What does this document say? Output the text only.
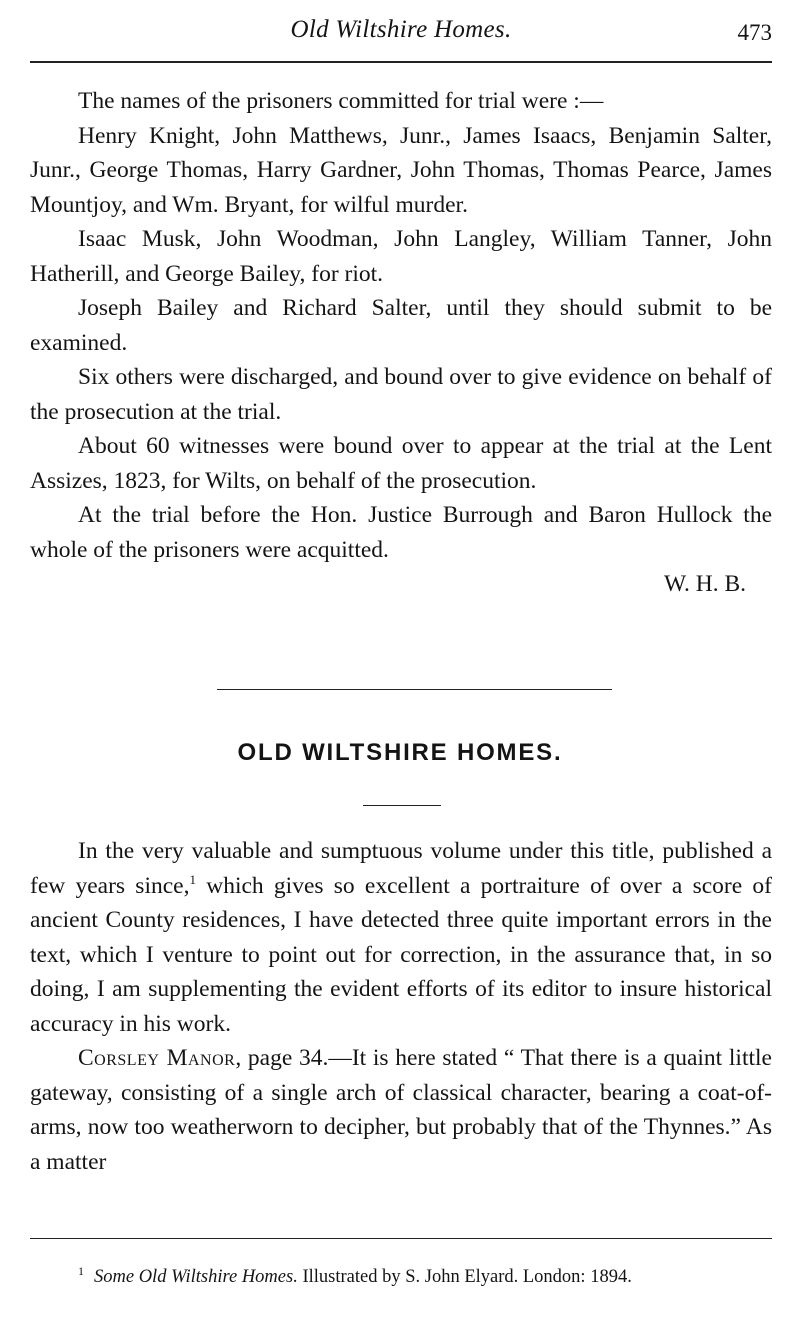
Old Wiltshire Homes.	473

The names of the prisoners committed for trial were :—

Henry Knight, John Matthews, Junr., James Isaacs, Benjamin Salter, Junr., George Thomas, Harry Gardner, John Thomas, Thomas Pearce, James Mountjoy, and Wm. Bryant, for wilful murder.

Isaac Musk, John Woodman, John Langley, William Tanner, John Hatherill, and George Bailey, for riot.

Joseph Bailey and Richard Salter, until they should submit to be examined.

Six others were discharged, and bound over to give evidence on behalf of the prosecution at the trial.

About 60 witnesses were bound over to appear at the trial at the Lent Assizes, 1823, for Wilts, on behalf of the prosecution.

At the trial before the Hon. Justice Burrough and Baron Hullock the whole of the prisoners were acquitted.

W. H. B.

OLD WILTSHIRE HOMES.

In the very valuable and sumptuous volume under this title, published a few years since,$^1$ which gives so excellent a portraiture of over a score of ancient County residences, I have detected three quite important errors in the text, which I venture to point out for correction, in the assurance that, in so doing, I am supplementing the evident efforts of its editor to insure historical accuracy in his work.

Corsley Manor, page 34.—It is here stated “ That there is a quaint little gateway, consisting of a single arch of classical character, bearing a coat-of-arms, now too weatherworn to decipher, but probably that of the Thynnes.” As a matter

$^1$ Some Old Wiltshire Homes. Illustrated by S. John Elyard. London: 1894.
